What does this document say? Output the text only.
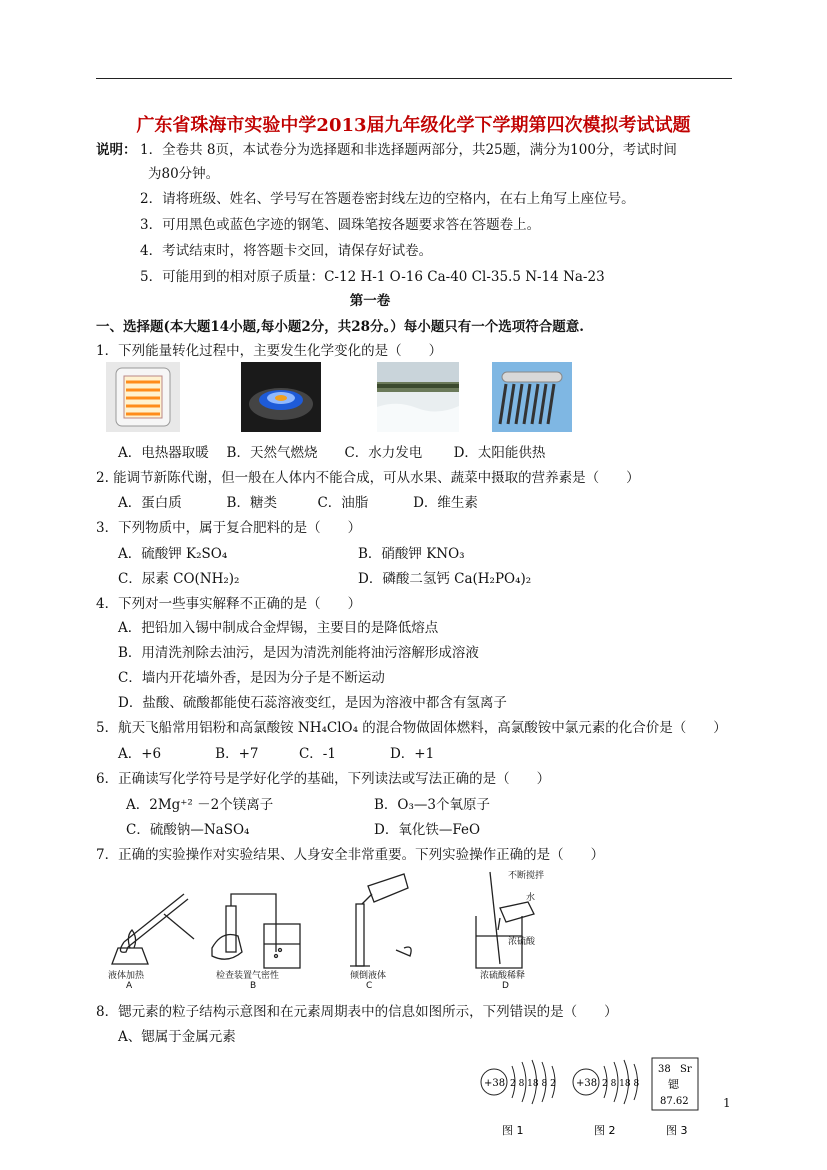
广东省珠海市实验中学2013届九年级化学下学期第四次模拟考试试题
说明： 1．全卷共 8页，本试卷分为选择题和非选择题两部分，共25题，满分为100分，考试时间
为80分钟。
2．请将班级、姓名、学号写在答题卷密封线左边的空格内，在右上角写上座位号。
3．可用黑色或蓝色字迹的钢笔、圆珠笔按各题要求答在答题卷上。
4．考试结束时，将答题卡交回，请保存好试卷。
5．可能用到的相对原子质量：C-12 H-1 O-16 Ca-40 Cl-35.5 N-14 Na-23
第一卷
一、选择题(本大题14小题,每小题2分，共28分。）每小题只有一个选项符合题意.
1．下列能量转化过程中，主要发生化学变化的是（　　）
A．电热器取暖　 B．天然气燃烧　　C．水力发电　　 D．太阳能供热
2. 能调节新陈代谢，但一般在人体内不能合成，可从水果、蔬菜中摄取的营养素是（　　）
A．蛋白质　　　 B．糖类　　　C．油脂　　　 D．维生素
3．下列物质中，属于复合肥料的是（　　）
A．硫酸钾 K₂SO₄	B．硝酸钾 KNO₃
C．尿素 CO(NH₂)₂	D．磷酸二氢钙 Ca(H₂PO₄)₂
4．下列对一些事实解释不正确的是（　　）
A．把铅加入锡中制成合金焊锡，主要目的是降低熔点
B．用清洗剂除去油污，是因为清洗剂能将油污溶解形成溶液
C．墙内开花墙外香，是因为分子是不断运动
D．盐酸、硫酸都能使石蕊溶液变红，是因为溶液中都含有氢离子
5．航天飞船常用铝粉和高氯酸铵 NH₄ClO₄ 的混合物做固体燃料，高氯酸铵中氯元素的化合价是（　　）
A．+6　　　　B．+7　　　C．-1　　　　D．+1
6．正确读写化学符号是学好化学的基础，下列读法或写法正确的是（　　）
A．2Mg⁺² －2个镁离子	B．O₃—3个氧原子
C．硫酸钠—NaSO₄	D．氧化铁—FeO
7．正确的实验操作对实验结果、人身安全非常重要。下列实验操作正确的是（　　）
液体加热
A
检查装置气密性
B
倾倒液体
C
浓硫酸稀释
D
不断搅拌
水
浓硫酸
8．锶元素的粒子结构示意图和在元素周期表中的信息如图所示，下列错误的是（　　）
A、锶属于金属元素
+38 2 8 18 8 2 +38 2 8 18 8
38 Sr
锶
87.62
图 1	图 2	图 3
1
